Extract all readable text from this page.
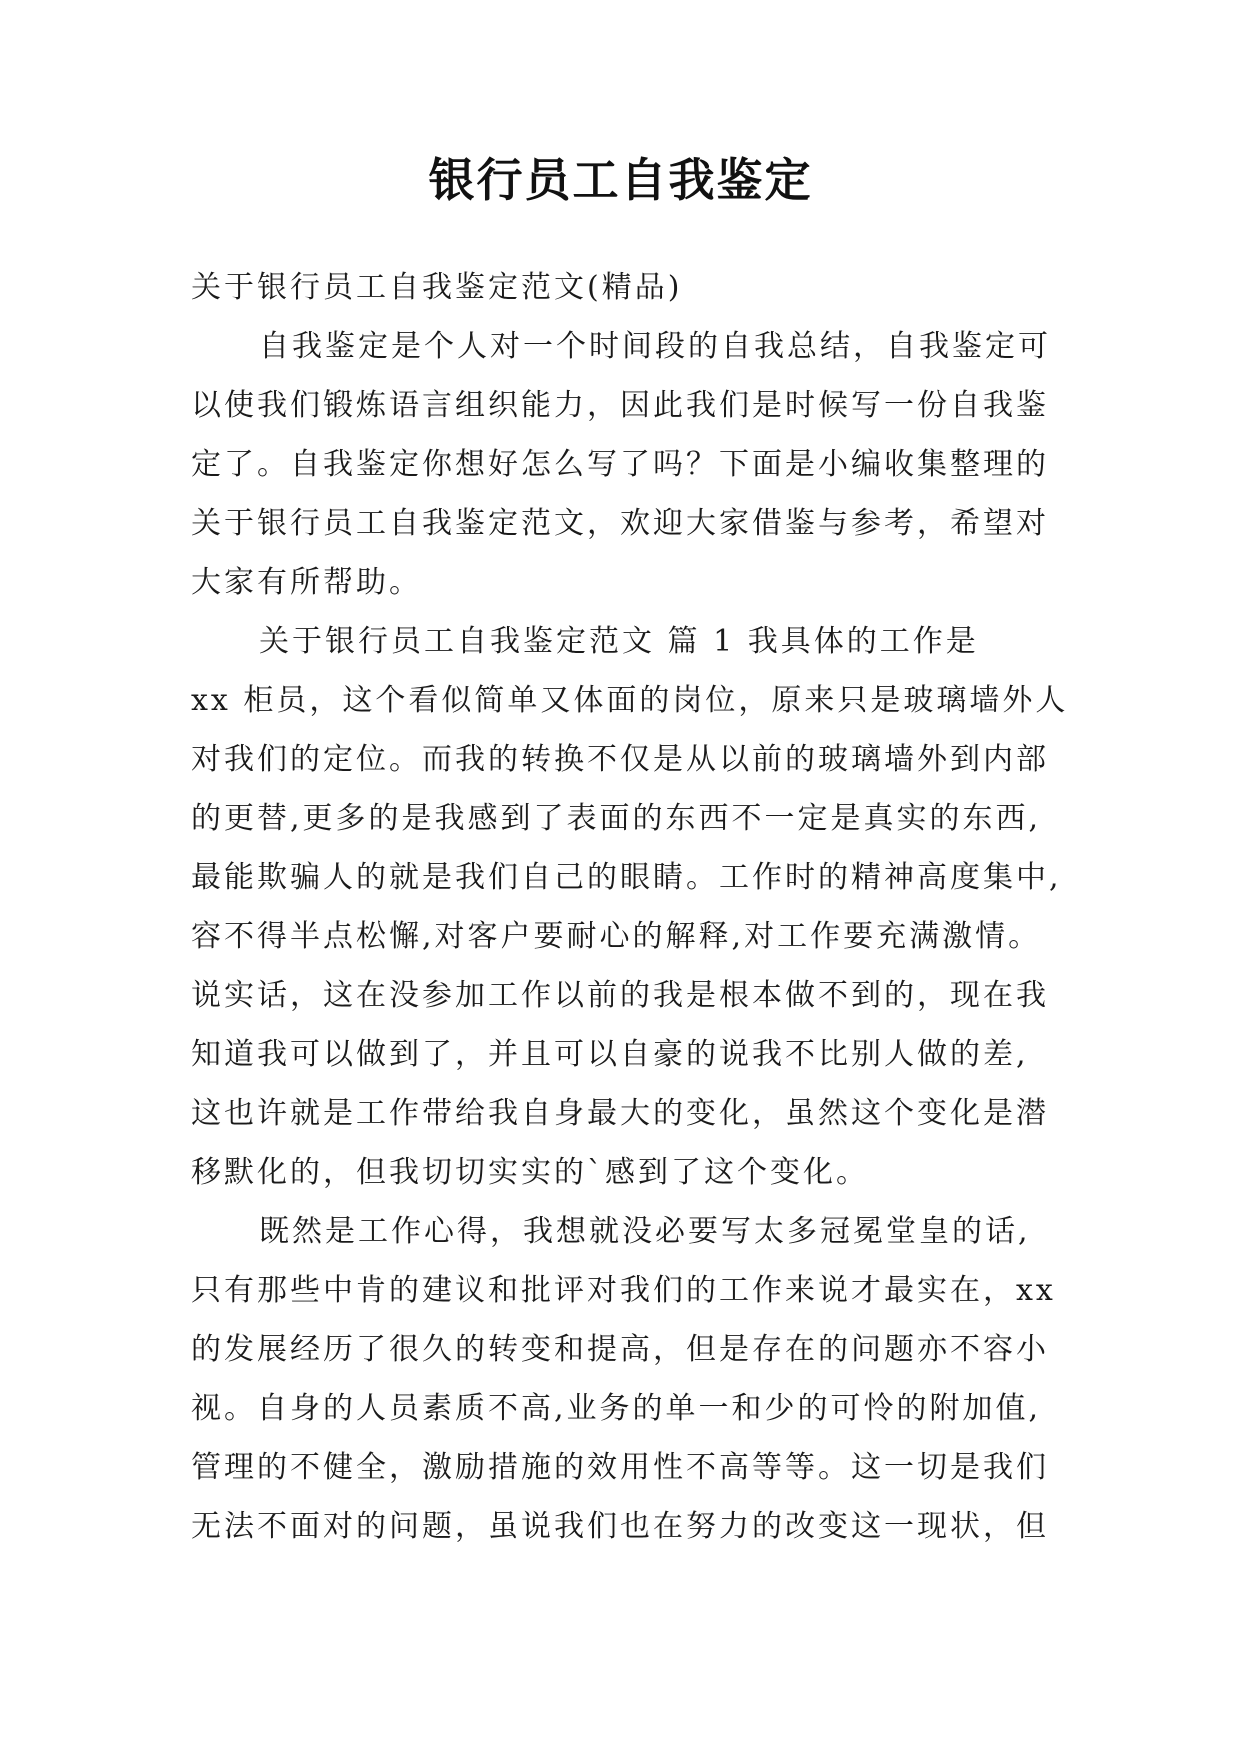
银行员工自我鉴定
关于银行员工自我鉴定范文(精品)
自我鉴定是个人对一个时间段的自我总结，自我鉴定可
以使我们锻炼语言组织能力，因此我们是时候写一份自我鉴
定了。自我鉴定你想好怎么写了吗？下面是小编收集整理的
关于银行员工自我鉴定范文，欢迎大家借鉴与参考，希望对
大家有所帮助。
关于银行员工自我鉴定范文 篇 1 我具体的工作是
xx 柜员，这个看似简单又体面的岗位，原来只是玻璃墙外人
对我们的定位。而我的转换不仅是从以前的玻璃墙外到内部
的更替,更多的是我感到了表面的东西不一定是真实的东西,
最能欺骗人的就是我们自己的眼睛。工作时的精神高度集中,
容不得半点松懈,对客户要耐心的解释,对工作要充满激情。
说实话，这在没参加工作以前的我是根本做不到的，现在我
知道我可以做到了，并且可以自豪的说我不比别人做的差,
这也许就是工作带给我自身最大的变化，虽然这个变化是潜
移默化的，但我切切实实的`感到了这个变化。
既然是工作心得，我想就没必要写太多冠冕堂皇的话,
只有那些中肯的建议和批评对我们的工作来说才最实在，xx
的发展经历了很久的转变和提高，但是存在的问题亦不容小
视。自身的人员素质不高,业务的单一和少的可怜的附加值,
管理的不健全，激励措施的效用性不高等等。这一切是我们
无法不面对的问题，虽说我们也在努力的改变这一现状，但
